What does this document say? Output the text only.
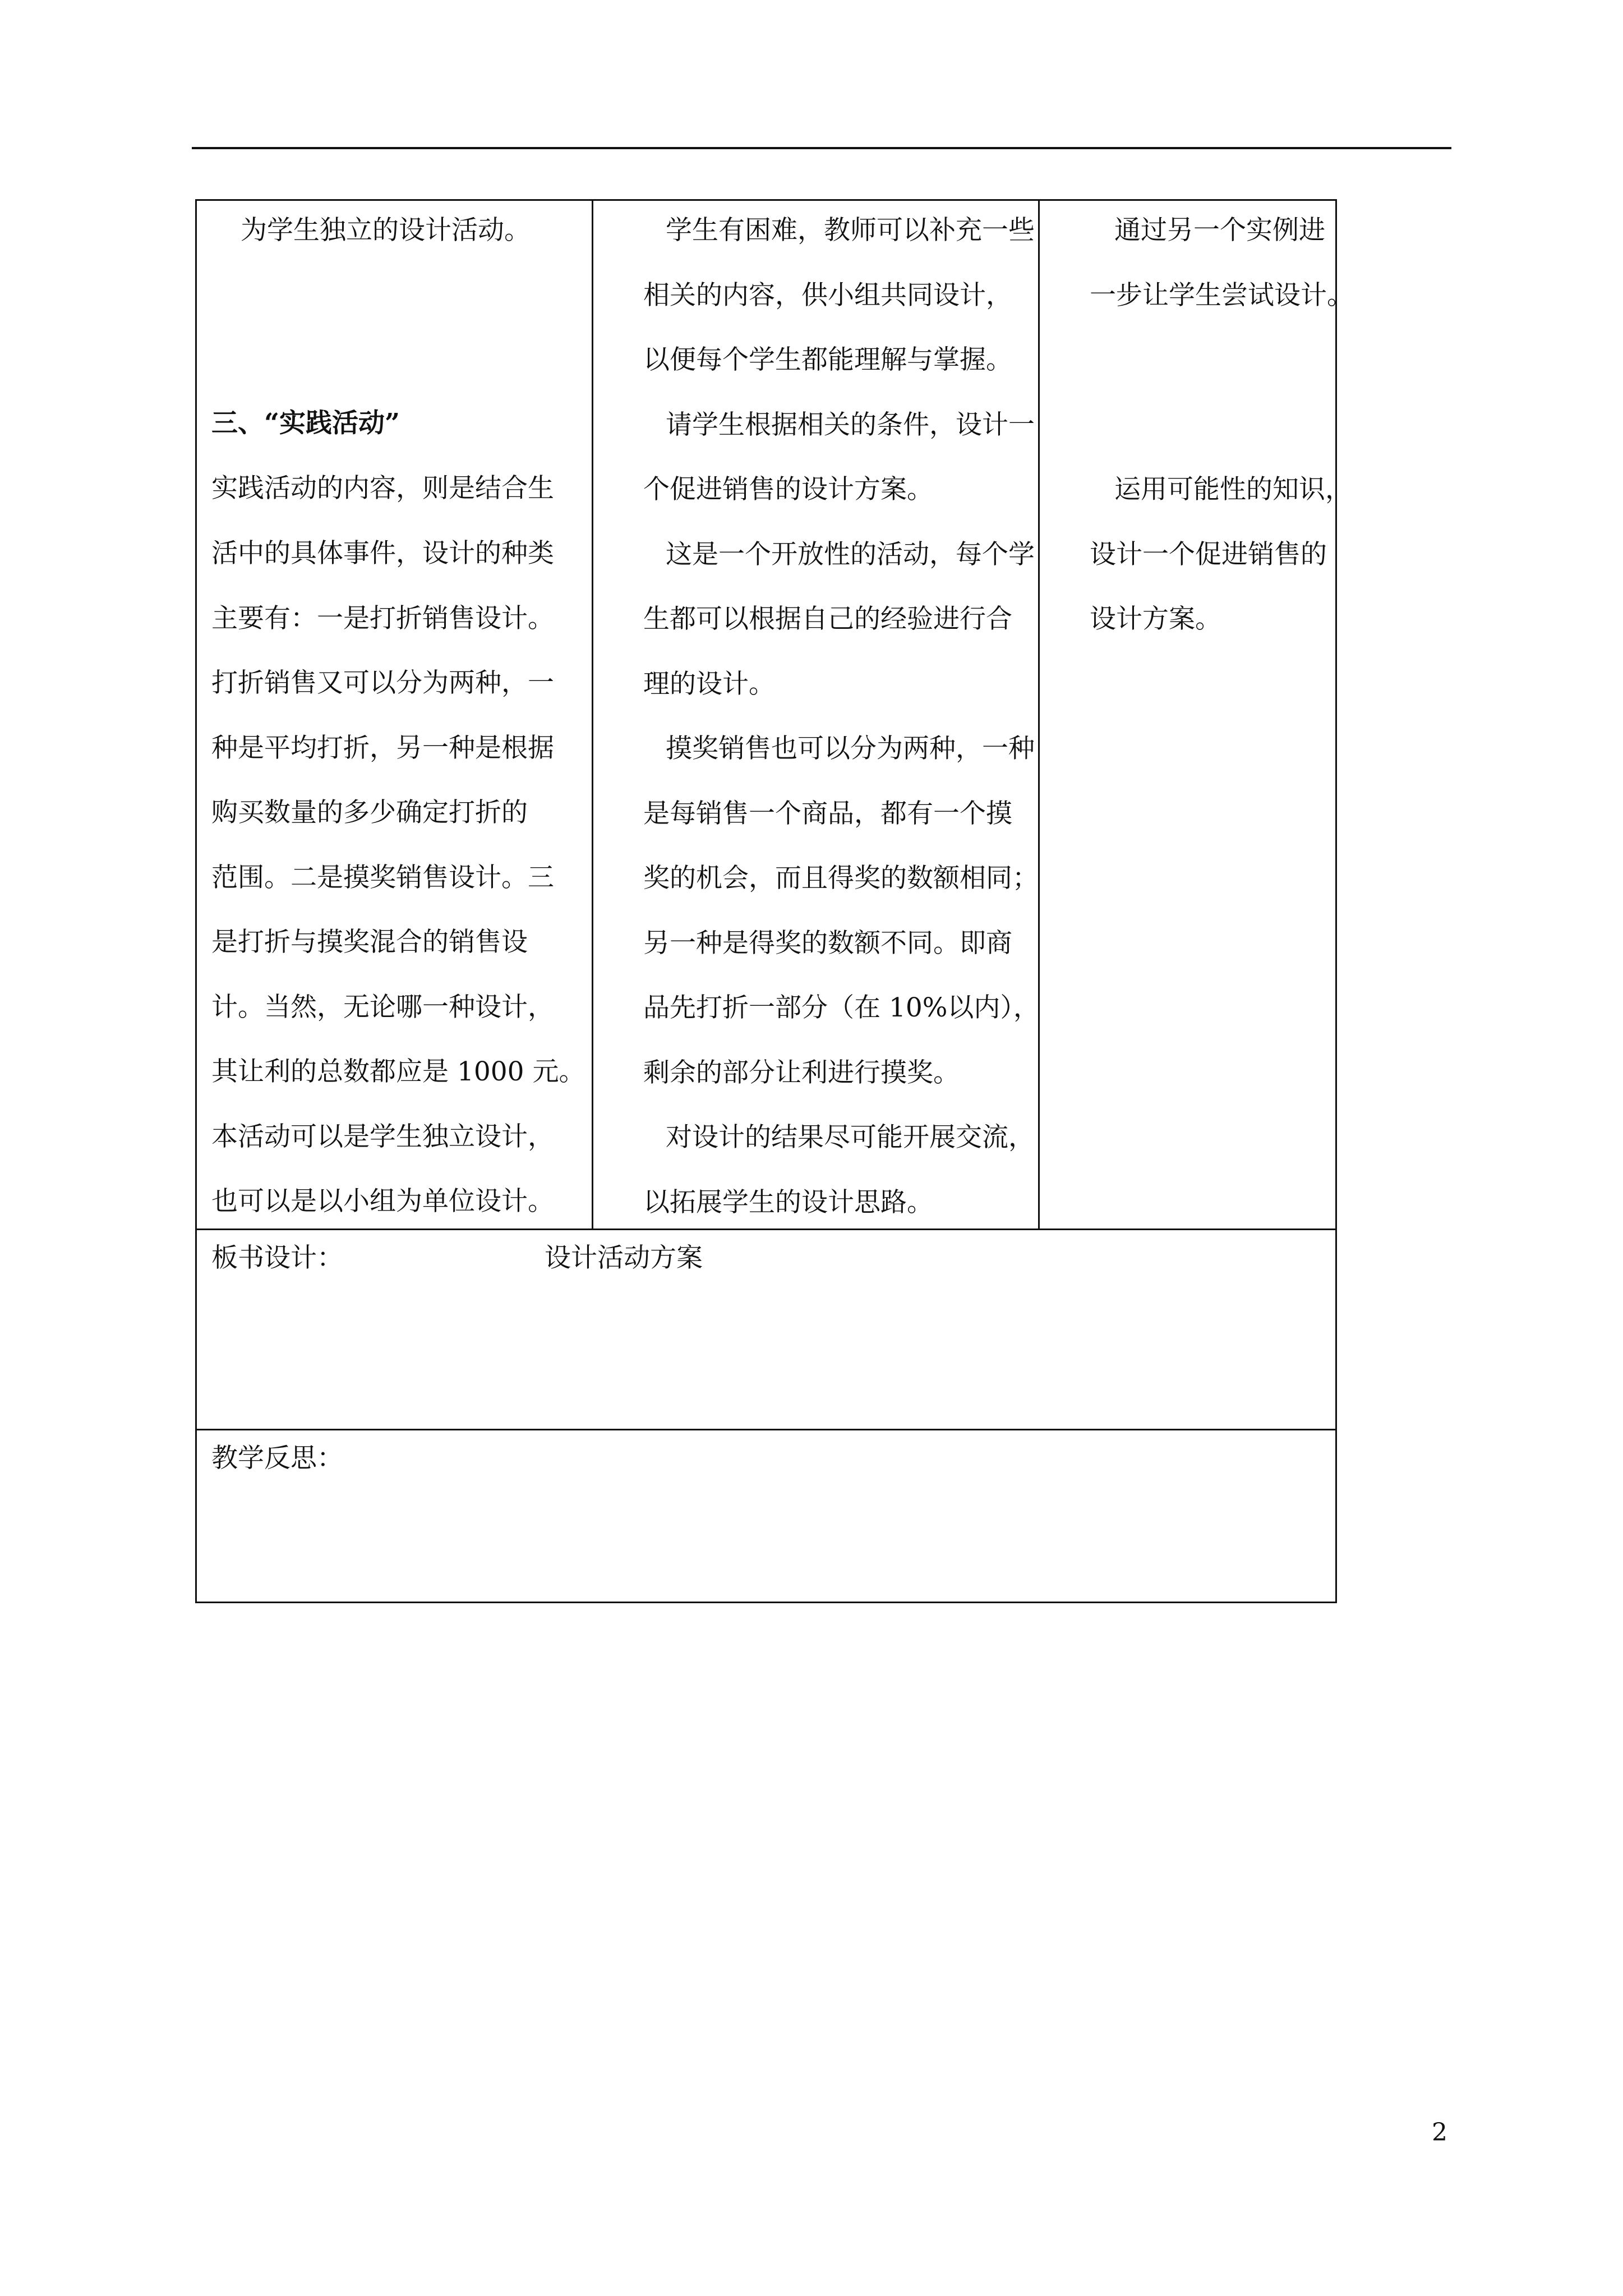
为学生独立的设计活动。
三、“实践活动”
实践活动的内容，则是结合生
活中的具体事件，设计的种类
主要有：一是打折销售设计。
打折销售又可以分为两种，一
种是平均打折，另一种是根据
购买数量的多少确定打折的
范围。二是摸奖销售设计。三
是打折与摸奖混合的销售设
计。当然，无论哪一种设计，
其让利的总数都应是 1000 元。
本活动可以是学生独立设计，
也可以是以小组为单位设计。
学生有困难，教师可以补充一些
相关的内容，供小组共同设计，
以便每个学生都能理解与掌握。
请学生根据相关的条件，设计一
个促进销售的设计方案。
这是一个开放性的活动，每个学
生都可以根据自己的经验进行合
理的设计。
摸奖销售也可以分为两种，一种
是每销售一个商品，都有一个摸
奖的机会，而且得奖的数额相同；
另一种是得奖的数额不同。即商
品先打折一部分（在 10%以内），
剩余的部分让利进行摸奖。
对设计的结果尽可能开展交流，
以拓展学生的设计思路。
通过另一个实例进
一步让学生尝试设计。
运用可能性的知识，
设计一个促进销售的
设计方案。
板书设计：	设计活动方案
教学反思：
2
